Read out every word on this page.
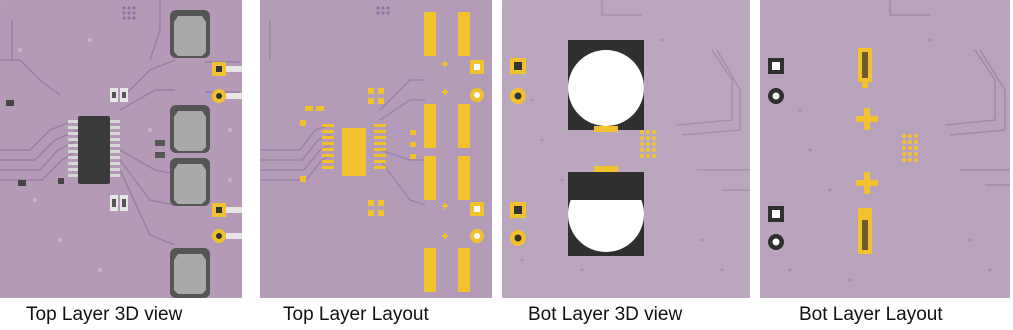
Top Layer 3D view	Top Layer Layout	Bot Layer 3D view	Bot Layer Layout
